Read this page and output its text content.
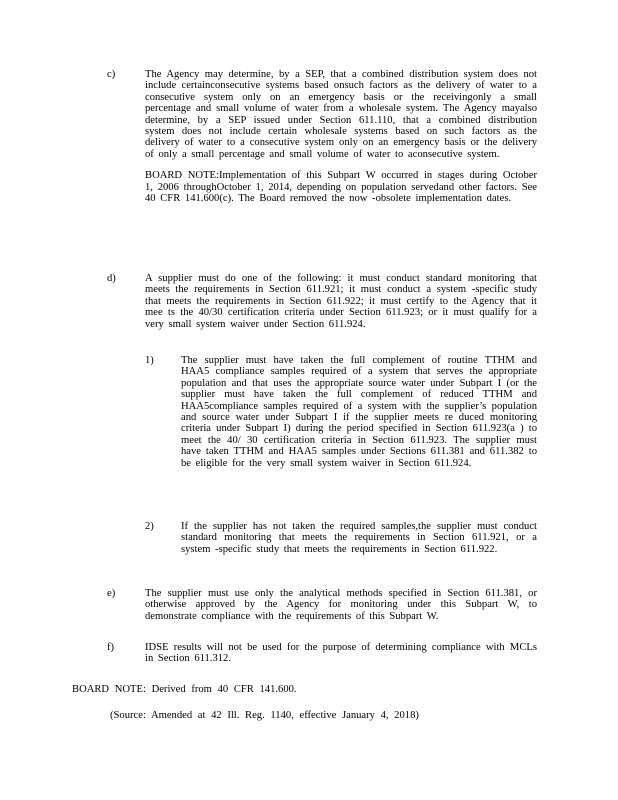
c)	The Agency may determine, by a SEP, that a combined distribution system does not include certainconsecutive systems based onsuch factors as the delivery of water to a consecutive system only on an emergency basis or the receivingonly a small percentage and small volume of water from a wholesale system. The Agency mayalso determine, by a SEP issued under Section 611.110, that a combined distribution system does not include certain wholesale systems based on such factors as the delivery of water to a consecutive system only on an emergency basis or the delivery of only a small percentage and small volume of water to aconsecutive system.
BOARD NOTE:Implementation of this Subpart W occurred in stages during October 1, 2006 throughOctober 1, 2014, depending on population servedand other factors. See 40 CFR 141.600(c). The Board removed the now -obsolete implementation dates.
d)	A supplier must do one of the following: it must conduct standard monitoring that meets the requirements in Section 611.921; it must conduct a system -specific study that meets the requirements in Section 611.922; it must certify to the Agency that it mee ts the 40/30 certification criteria under Section 611.923; or it must qualify for a very small system waiver under Section 611.924.
1)	The supplier must have taken the full complement of routine TTHM and HAA5 compliance samples required of a system that serves the appropriate population and that uses the appropriate source water under Subpart I (or the supplier must have taken the full complement of reduced TTHM and HAA5compliance samples required of a system with the supplier’s population and source water under Subpart I if the supplier meets re duced monitoring criteria under Subpart I) during the period specified in Section 611.923(a ) to meet the 40/ 30 certification criteria in Section 611.923. The supplier must have taken TTHM and HAA5 samples under Sections 611.381 and 611.382 to be eligible for the very small system waiver in Section 611.924.
2)	If the supplier has not taken the required samples,the supplier must conduct standard monitoring that meets the requirements in Section 611.921, or a system -specific study that meets the requirements in Section 611.922.
e)	The supplier must use only the analytical methods specified in Section 611.381, or otherwise approved by the Agency for monitoring under this Subpart W, to demonstrate compliance with the requirements of this Subpart W.
f)	IDSE results will not be used for the purpose of determining compliance with MCLs in Section 611.312.
BOARD NOTE: Derived from 40 CFR 141.600.
(Source: Amended at 42 Ill. Reg. 1140, effective January 4, 2018)
